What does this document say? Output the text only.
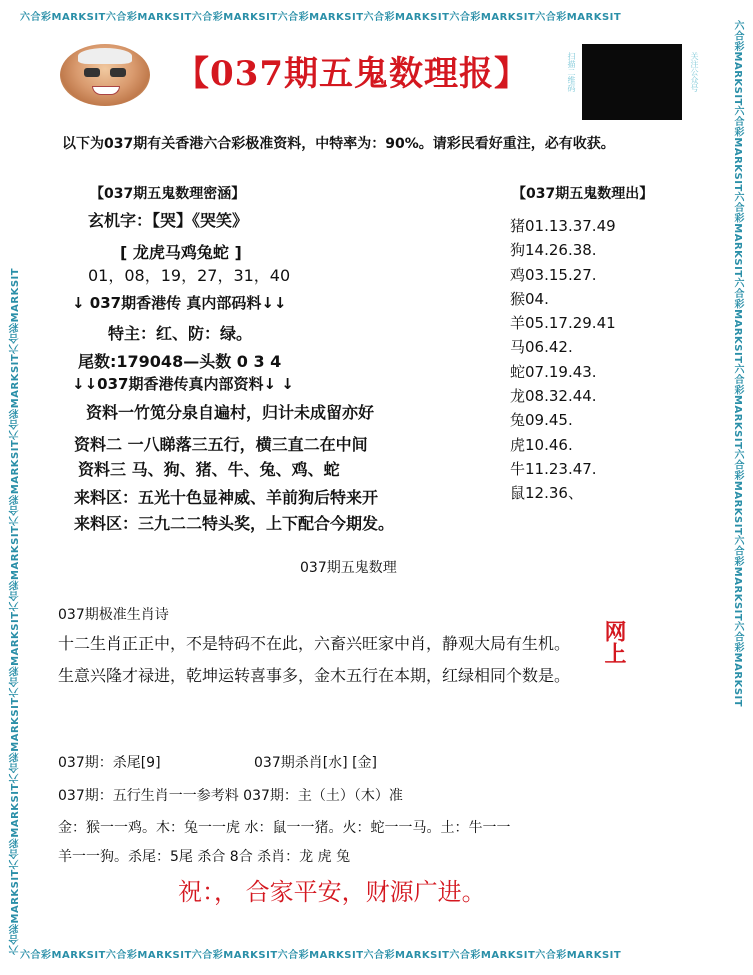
六合彩MARKSIT六合彩MARKSIT六合彩MARKSIT六合彩MARKSIT六合彩MARKSIT六合彩MARKSIT六合彩MARKSIT
六合彩MARKSIT六合彩MARKSIT六合彩MARKSIT六合彩MARKSIT六合彩MARKSIT六合彩MARKSIT六合彩MARKSIT
六合彩MARKSIT六合彩MARKSIT六合彩MARKSIT六合彩MARKSIT六合彩MARKSIT六合彩MARKSIT六合彩MARKSIT六合彩MARKSIT	六合彩MARKSIT六合彩MARKSIT六合彩MARKSIT六合彩MARKSIT六合彩MARKSIT六合彩MARKSIT六合彩MARKSIT六合彩MARKSIT
【037期五鬼数理报】	扫描二维码	关注公众号
以下为037期有关香港六合彩极准资料，中特率为：90%。请彩民看好重注，必有收获。
【037期五鬼数理密涵】
玄机字：【哭】《哭笑》
[ 龙虎马鸡兔蛇 ]
01，08，19，27，31，40
↓ 037期香港传 真内部码料↓↓
特主：红、防：绿。
尾数:179048—头数 0 3 4
↓↓037期香港传真内部资料↓ ↓
资料一竹笕分泉自遍村，归计未成留亦好
资料二 一八睇落三五行，横三直二在中间
资料三 马、狗、猪、牛、兔、鸡、蛇
来料区：五光十色显神威、羊前狗后特来开
来料区：三九二二特头奖，上下配合今期发。
【037期五鬼数理出】
猪01.13.37.49
狗14.26.38.
鸡03.15.27.
猴04.
羊05.17.29.41
马06.42.
蛇07.19.43.
龙08.32.44.
兔09.45.
虎10.46.
牛11.23.47.
鼠12.36、
037期五鬼数理
037期极准生肖诗
十二生肖正正中，不是特码不在此，六畜兴旺家中肖，静观大局有生机。
生意兴隆才禄进，乾坤运转喜事多，金木五行在本期，红绿相同个数是。
网上
037期：杀尾[9]	037期杀肖[水] [金]
037期：五行生肖一一参考料 037期：主（土）（木）准
金：猴一一鸡。木：兔一一虎 水：鼠一一猪。火：蛇一一马。土：牛一一
羊一一狗。杀尾：5尾 杀合 8合 杀肖：龙 虎 兔
祝：， 合家平安，财源广进。
